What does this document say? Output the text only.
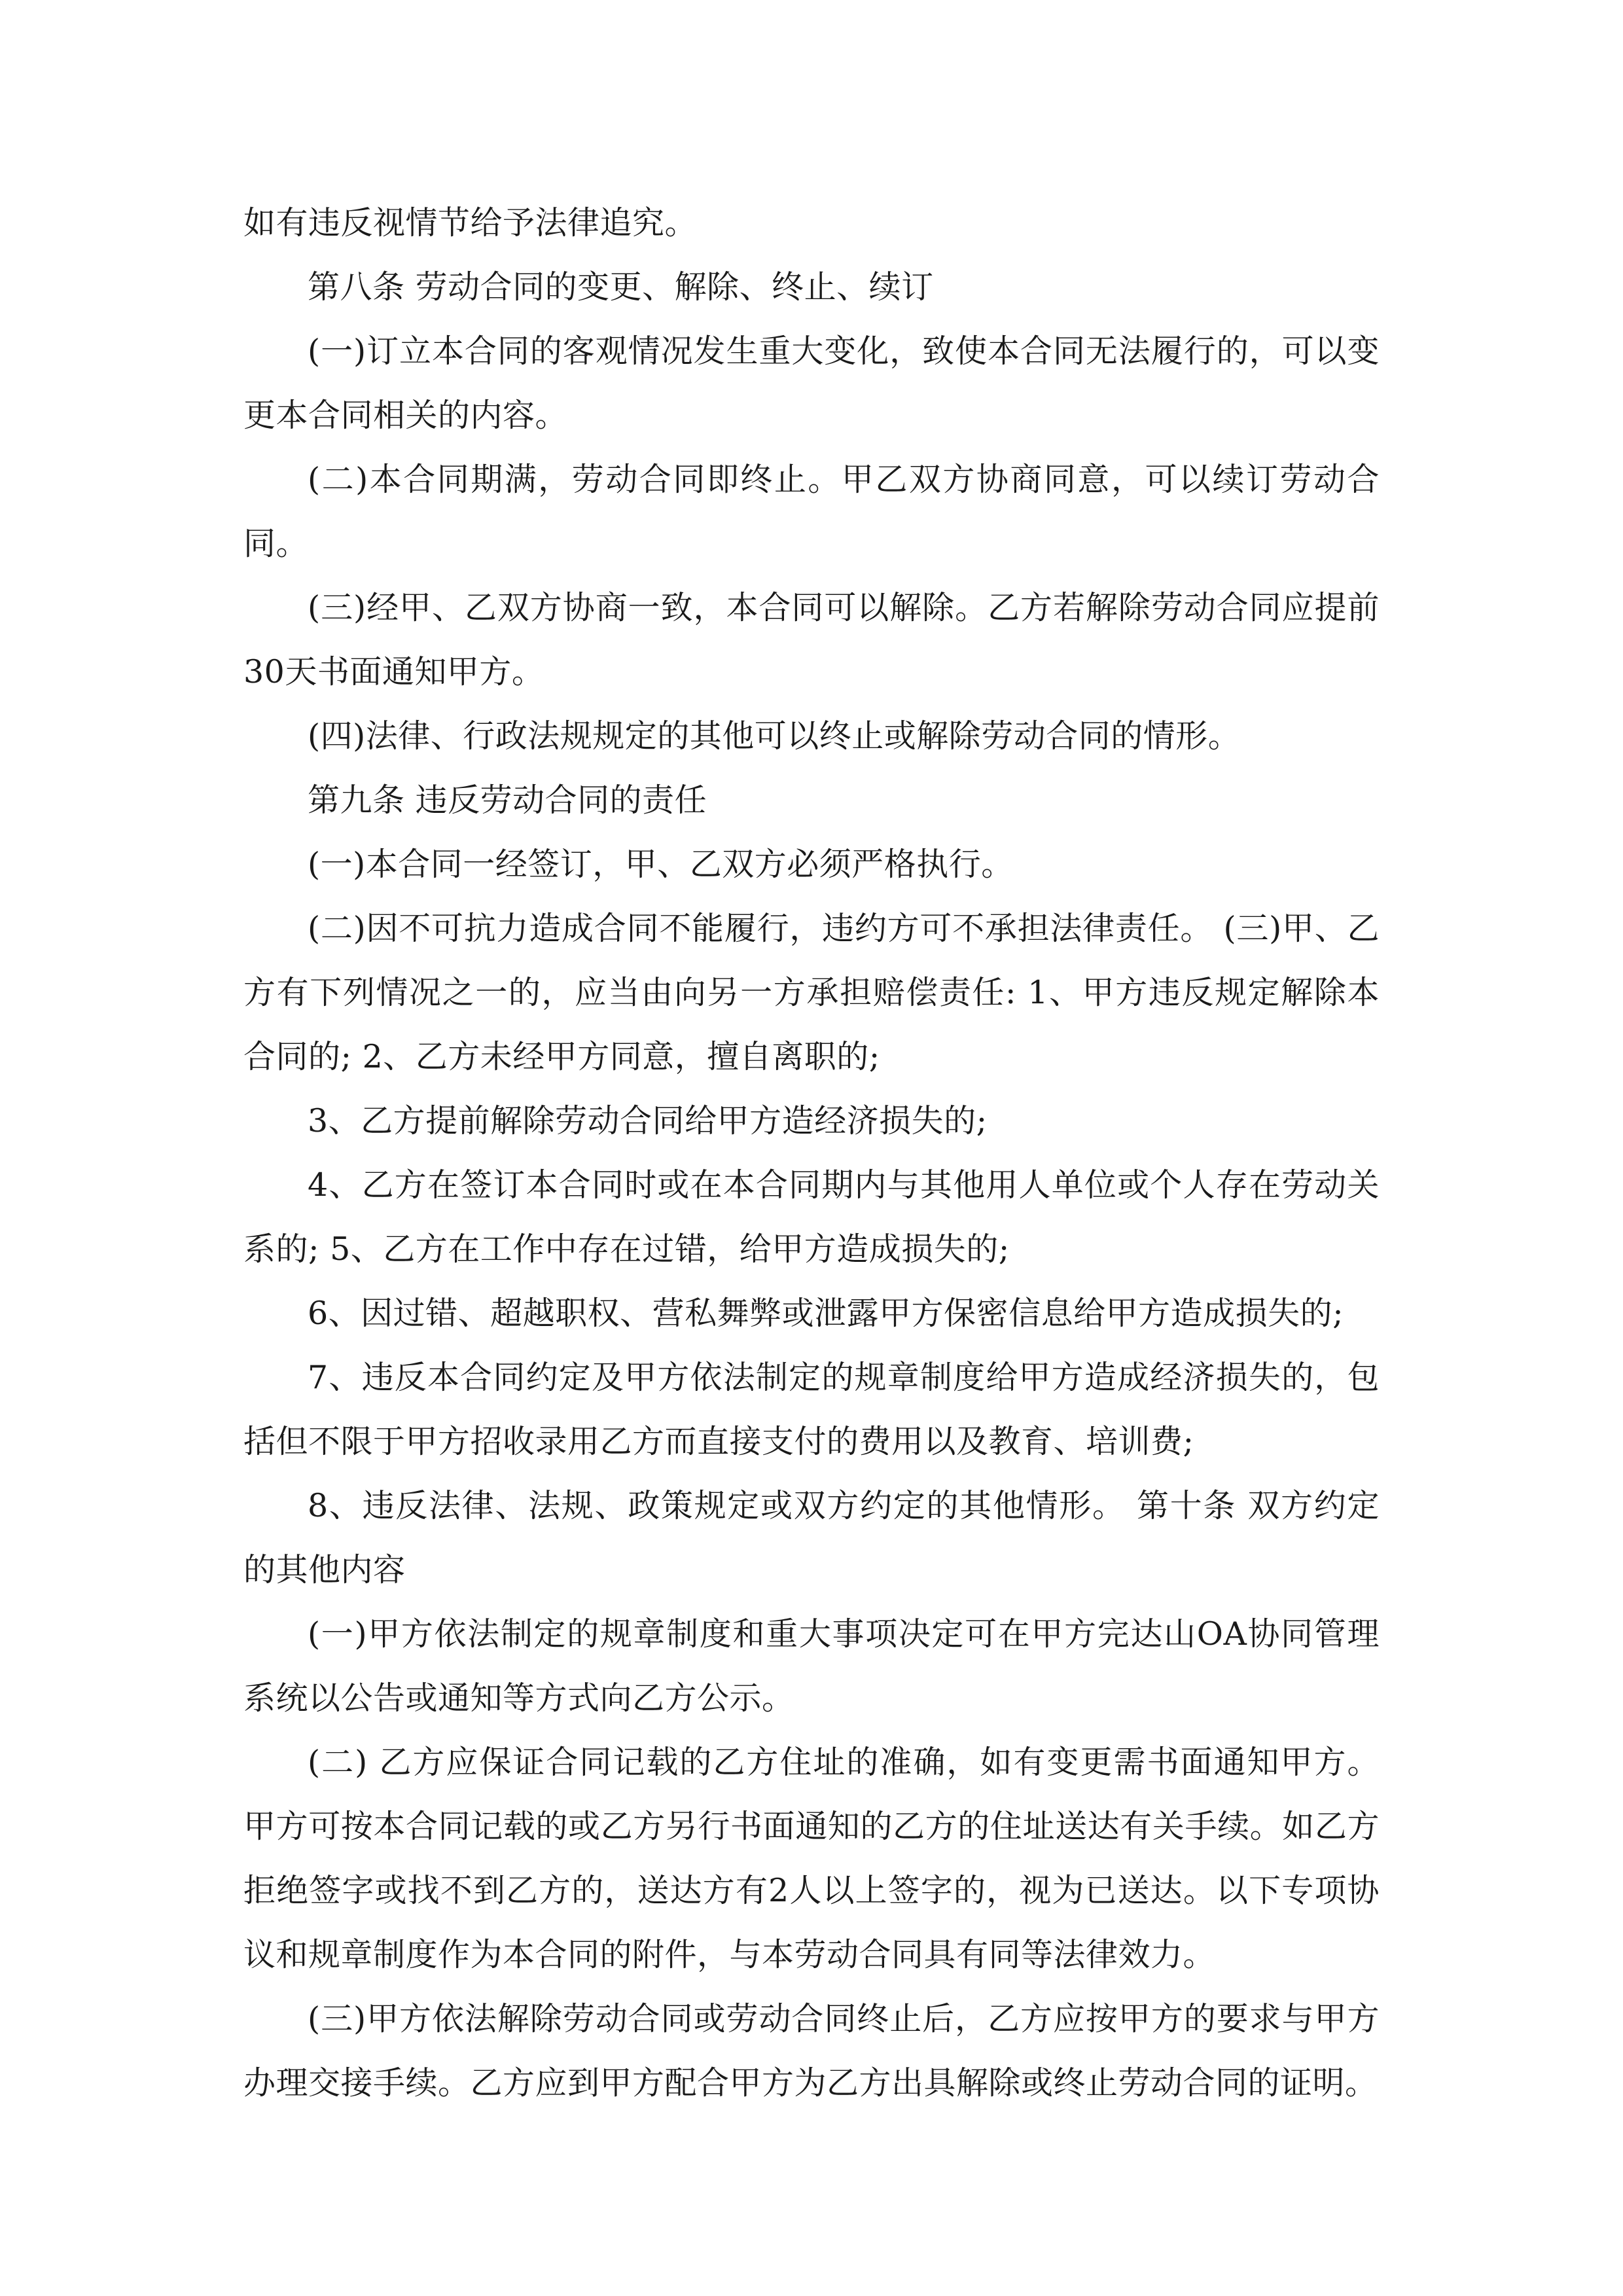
如有违反视情节给予法律追究。

第八条 劳动合同的变更、解除、终止、续订

(一)订立本合同的客观情况发生重大变化，致使本合同无法履行的，可以变更本合同相关的内容。

(二)本合同期满，劳动合同即终止。甲乙双方协商同意，可以续订劳动合同。

(三)经甲、乙双方协商一致，本合同可以解除。乙方若解除劳动合同应提前30天书面通知甲方。

(四)法律、行政法规规定的其他可以终止或解除劳动合同的情形。

第九条 违反劳动合同的责任

(一)本合同一经签订，甲、乙双方必须严格执行。

(二)因不可抗力造成合同不能履行，违约方可不承担法律责任。 (三)甲、乙方有下列情况之一的，应当由向另一方承担赔偿责任: 1、甲方违反规定解除本合同的; 2、乙方未经甲方同意，擅自离职的;

3、乙方提前解除劳动合同给甲方造经济损失的;

4、乙方在签订本合同时或在本合同期内与其他用人单位或个人存在劳动关系的; 5、乙方在工作中存在过错，给甲方造成损失的;

6、因过错、超越职权、营私舞弊或泄露甲方保密信息给甲方造成损失的;

7、违反本合同约定及甲方依法制定的规章制度给甲方造成经济损失的，包括但不限于甲方招收录用乙方而直接支付的费用以及教育、培训费;

8、违反法律、法规、政策规定或双方约定的其他情形。 第十条 双方约定的其他内容

(一)甲方依法制定的规章制度和重大事项决定可在甲方完达山OA协同管理系统以公告或通知等方式向乙方公示。

(二) 乙方应保证合同记载的乙方住址的准确，如有变更需书面通知甲方。甲方可按本合同记载的或乙方另行书面通知的乙方的住址送达有关手续。如乙方拒绝签字或找不到乙方的，送达方有2人以上签字的，视为已送达。以下专项协议和规章制度作为本合同的附件，与本劳动合同具有同等法律效力。

(三)甲方依法解除劳动合同或劳动合同终止后，乙方应按甲方的要求与甲方办理交接手续。乙方应到甲方配合甲方为乙方出具解除或终止劳动合同的证明。
